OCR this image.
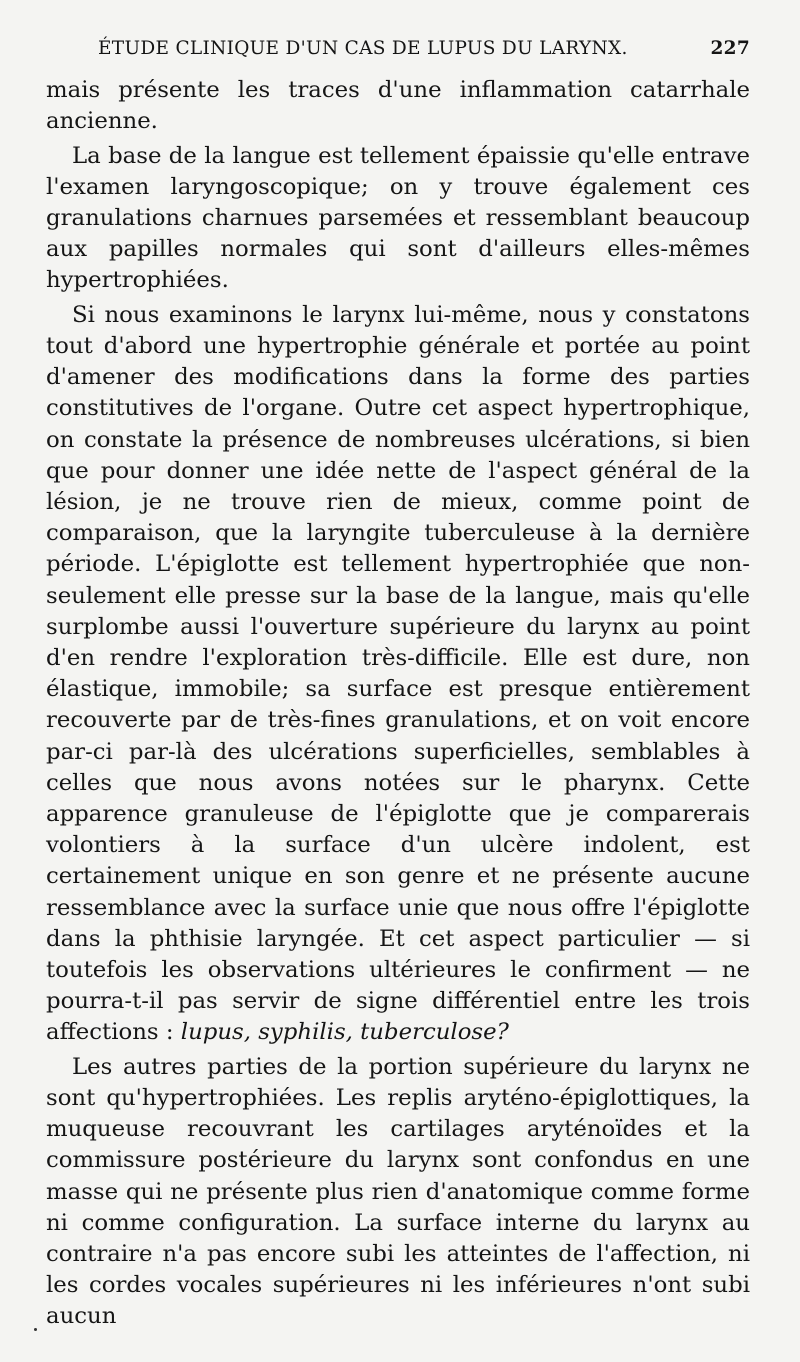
ÉTUDE CLINIQUE D'UN CAS DE LUPUS DU LARYNX.	227

mais présente les traces d'une inflammation catarrhale ancienne.

La base de la langue est tellement épaissie qu'elle entrave l'examen laryngoscopique; on y trouve également ces granulations charnues parsemées et ressemblant beaucoup aux papilles normales qui sont d'ailleurs elles-mêmes hypertrophiées.

Si nous examinons le larynx lui-même, nous y constatons tout d'abord une hypertrophie générale et portée au point d'amener des modifications dans la forme des parties constitutives de l'organe. Outre cet aspect hypertrophique, on constate la présence de nombreuses ulcérations, si bien que pour donner une idée nette de l'aspect général de la lésion, je ne trouve rien de mieux, comme point de comparaison, que la laryngite tuberculeuse à la dernière période. L'épiglotte est tellement hypertrophiée que non-seulement elle presse sur la base de la langue, mais qu'elle surplombe aussi l'ouverture supérieure du larynx au point d'en rendre l'exploration très-difficile. Elle est dure, non élastique, immobile; sa surface est presque entièrement recouverte par de très-fines granulations, et on voit encore par-ci par-là des ulcérations superficielles, semblables à celles que nous avons notées sur le pharynx. Cette apparence granuleuse de l'épiglotte que je comparerais volontiers à la surface d'un ulcère indolent, est certainement unique en son genre et ne présente aucune ressemblance avec la surface unie que nous offre l'épiglotte dans la phthisie laryngée. Et cet aspect particulier — si toutefois les observations ultérieures le confirment — ne pourra-t-il pas servir de signe différentiel entre les trois affections : lupus, syphilis, tuberculose?

Les autres parties de la portion supérieure du larynx ne sont qu'hypertrophiées. Les replis aryténo-épiglottiques, la muqueuse recouvrant les cartilages aryténoïdes et la commissure postérieure du larynx sont confondus en une masse qui ne présente plus rien d'anatomique comme forme ni comme configuration. La surface interne du larynx au contraire n'a pas encore subi les atteintes de l'affection, ni les cordes vocales supérieures ni les inférieures n'ont subi aucun
